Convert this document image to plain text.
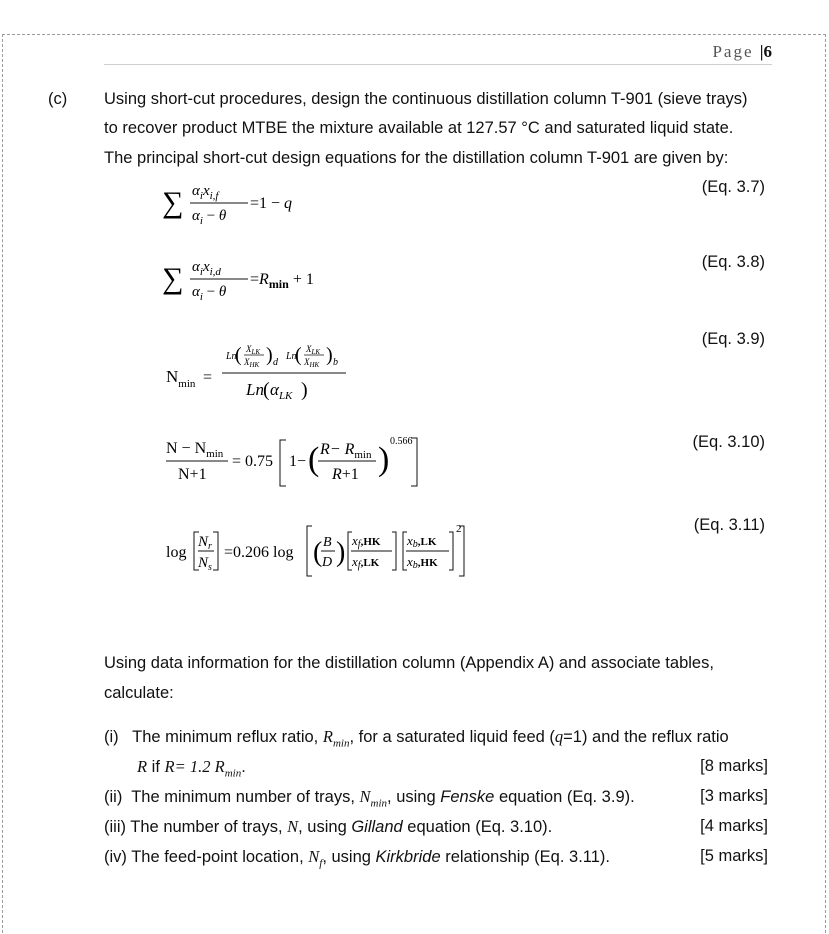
Page |6
(c) Using short-cut procedures, design the continuous distillation column T-901 (sieve trays)
to recover product MTBE the mixture available at 127.57 °C and saturated liquid state.
The principal short-cut design equations for the distillation column T-901 are given by:
(Eq. 3.7)
∑ $\alpha_ix_{i,f}$
$\alpha_i - \theta$
=1 − q
(Eq. 3.8)
∑ $\alpha_ix_{i,d}$
$\alpha_i - \theta$
$=R_{min} + 1$
(Eq. 3.9)
$N_{min}$ =
Ln
( $X_{LK}$
$X_{HK}$ ) d
Ln
( $X_{LK}$
$X_{HK}$ ) b
Ln ( $\alpha_{LK}$ )
(Eq. 3.10)
$N - N_{min}$
N+1
= 0.75 1− ( $R- R_{min}$
R+1 ) 0.566
(Eq. 3.11)
log
$N_r$
$N_s$
=0.206 log ( B
D ) xf,HK
xf,LK
xb,LK
xb,HK
2
Using data information for the distillation column (Appendix A) and associate tables,
calculate:
(i) The minimum reflux ratio, $R_{min}$, for a saturated liquid feed (q=1) and the reflux ratio
R if R= 1.2 $R_{min}$.	[8 marks]
(ii) The minimum number of trays, $N_{min}$, using Fenske equation (Eq. 3.9).	[3 marks]
(iii) The number of trays, N, using Gilland equation (Eq. 3.10).	[4 marks]
(iv) The feed-point location, $N_f$, using Kirkbride relationship (Eq. 3.11).	[5 marks]
